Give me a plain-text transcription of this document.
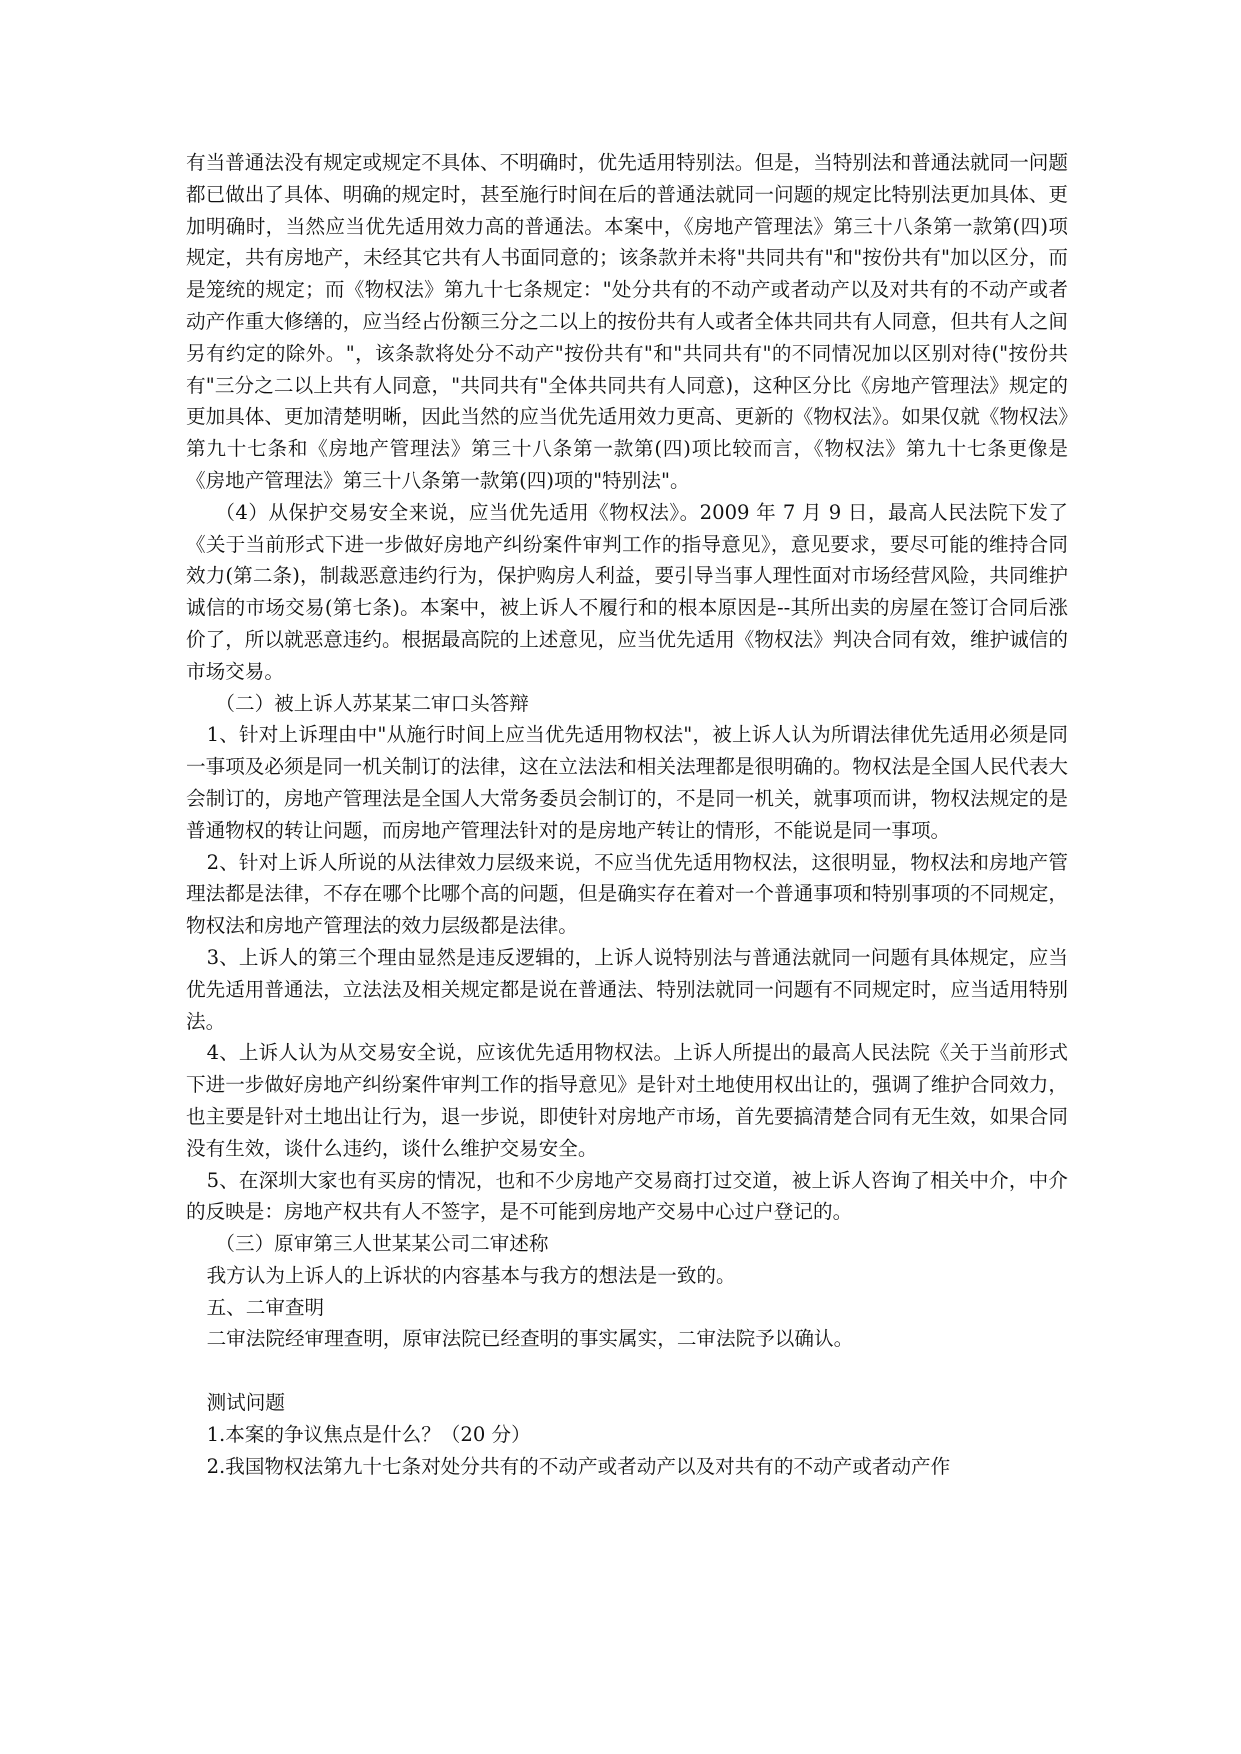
有当普通法没有规定或规定不具体、不明确时，优先适用特别法。但是，当特别法和普通法就同一问题都已做出了具体、明确的规定时，甚至施行时间在后的普通法就同一问题的规定比特别法更加具体、更加明确时，当然应当优先适用效力高的普通法。本案中，《房地产管理法》第三十八条第一款第(四)项规定，共有房地产，未经其它共有人书面同意的；该条款并未将"共同共有"和"按份共有"加以区分，而是笼统的规定；而《物权法》第九十七条规定："处分共有的不动产或者动产以及对共有的不动产或者动产作重大修缮的，应当经占份额三分之二以上的按份共有人或者全体共同共有人同意，但共有人之间另有约定的除外。"，该条款将处分不动产"按份共有"和"共同共有"的不同情况加以区别对待("按份共有"三分之二以上共有人同意，"共同共有"全体共同共有人同意)，这种区分比《房地产管理法》规定的更加具体、更加清楚明晰，因此当然的应当优先适用效力更高、更新的《物权法》。如果仅就《物权法》第九十七条和《房地产管理法》第三十八条第一款第(四)项比较而言，《物权法》第九十七条更像是《房地产管理法》第三十八条第一款第(四)项的"特别法"。

（4）从保护交易安全来说，应当优先适用《物权法》。2009 年 7 月 9 日，最高人民法院下发了《关于当前形式下进一步做好房地产纠纷案件审判工作的指导意见》，意见要求，要尽可能的维持合同效力(第二条)，制裁恶意违约行为，保护购房人利益，要引导当事人理性面对市场经营风险，共同维护诚信的市场交易(第七条)。本案中，被上诉人不履行和的根本原因是--其所出卖的房屋在签订合同后涨价了，所以就恶意违约。根据最高院的上述意见，应当优先适用《物权法》判决合同有效，维护诚信的市场交易。

（二）被上诉人苏某某二审口头答辩

1、针对上诉理由中"从施行时间上应当优先适用物权法"，被上诉人认为所谓法律优先适用必须是同一事项及必须是同一机关制订的法律，这在立法法和相关法理都是很明确的。物权法是全国人民代表大会制订的，房地产管理法是全国人大常务委员会制订的，不是同一机关，就事项而讲，物权法规定的是普通物权的转让问题，而房地产管理法针对的是房地产转让的情形，不能说是同一事项。

2、针对上诉人所说的从法律效力层级来说，不应当优先适用物权法，这很明显，物权法和房地产管理法都是法律，不存在哪个比哪个高的问题，但是确实存在着对一个普通事项和特别事项的不同规定，物权法和房地产管理法的效力层级都是法律。

3、上诉人的第三个理由显然是违反逻辑的，上诉人说特别法与普通法就同一问题有具体规定，应当优先适用普通法，立法法及相关规定都是说在普通法、特别法就同一问题有不同规定时，应当适用特别法。

4、上诉人认为从交易安全说，应该优先适用物权法。上诉人所提出的最高人民法院《关于当前形式下进一步做好房地产纠纷案件审判工作的指导意见》是针对土地使用权出让的，强调了维护合同效力，也主要是针对土地出让行为，退一步说，即使针对房地产市场，首先要搞清楚合同有无生效，如果合同没有生效，谈什么违约，谈什么维护交易安全。

5、在深圳大家也有买房的情况，也和不少房地产交易商打过交道，被上诉人咨询了相关中介，中介的反映是：房地产权共有人不签字，是不可能到房地产交易中心过户登记的。

（三）原审第三人世某某公司二审述称

我方认为上诉人的上诉状的内容基本与我方的想法是一致的。

五、二审查明

二审法院经审理查明，原审法院已经查明的事实属实，二审法院予以确认。

测试问题

1.本案的争议焦点是什么？（20 分）

2.我国物权法第九十七条对处分共有的不动产或者动产以及对共有的不动产或者动产作
